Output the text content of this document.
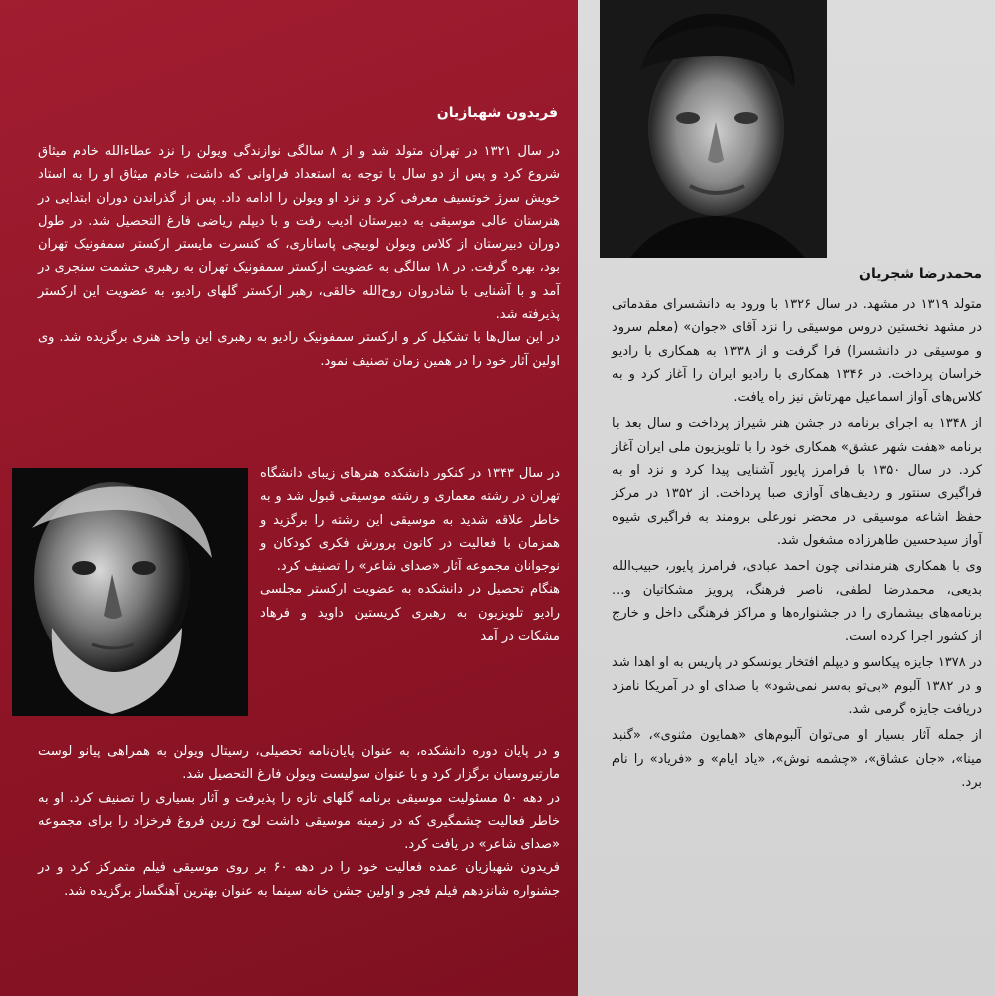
فریدون شهبازیان

در سال ۱۳۲۱ در تهران متولد شد و از ۸ سالگی نوازندگی ویولن را نزد عطاءالله خادم میثاق شروع کرد و پس از دو سال با توجه به استعداد فراوانی که داشت، خادم میثاق او را به استاد خویش سرژ خوتسیف معرفی کرد و نزد او ویولن را ادامه داد. پس از گذراندن دوران ابتدایی در هنرستان عالی موسیقی به دبیرستان ادیب رفت و با دیپلم ریاضی فارغ التحصیل شد. در طول دوران دبیرستان از کلاس ویولن لوبیچی پاساناری، که کنسرت مایستر ارکستر سمفونیک تهران بود، بهره گرفت. در ۱۸ سالگی به عضویت ارکستر سمفونیک تهران به رهبری حشمت سنجری در آمد و با آشنایی با شادروان روح‌الله خالقی، رهبر ارکستر گلهای رادیو، به عضویت این ارکستر پذیرفته شد.

در این سال‌ها با تشکیل کر و ارکستر سمفونیک رادیو به رهبری این واحد هنری برگزیده شد. وی اولین آثار خود را در همین زمان تصنیف نمود.

در سال ۱۳۴۳ در کنکور دانشکده هنرهای زیبای دانشگاه تهران در رشته معماری و رشته موسیقی قبول شد و به خاطر علاقه شدید به موسیقی این رشته را برگزید و همزمان با فعالیت در کانون پرورش فکری کودکان و نوجوانان مجموعه آثار «صدای شاعر» را تصنیف کرد.

هنگام تحصیل در دانشکده به عضویت ارکستر مجلسی رادیو تلویزیون به رهبری کریستین داوید و فرهاد مشکات در آمد

و در پایان دوره دانشکده، به عنوان پایان‌نامه تحصیلی، رسیتال ویولن به همراهی پیانو لوست مارتیروسیان برگزار کرد و با عنوان سولیست ویولن فارغ التحصیل شد.

در دهه ۵۰ مسئولیت موسیقی برنامه گلهای تازه را پذیرفت و آثار بسیاری را تصنیف کرد. او به خاطر فعالیت چشمگیری که در زمینه موسیقی داشت لوح زرین فروغ فرخزاد را برای مجموعه «صدای شاعر» در یافت کرد.

فریدون شهبازیان عمده فعالیت خود را در دهه ۶۰ بر روی موسیقی فیلم متمرکز کرد و در جشنواره شانزدهم فیلم فجر و اولین جشن خانه سینما به عنوان بهترین آهنگساز برگزیده شد.

محمدرضا شجریان

متولد ۱۳۱۹ در مشهد. در سال ۱۳۲۶ با ورود به دانشسرای مقدماتی در مشهد نخستین دروس موسیقی را نزد آقای «جوان» (معلم سرود و موسیقی در دانشسرا) فرا گرفت و از ۱۳۳۸ به همکاری با رادیو خراسان پرداخت. در ۱۳۴۶ همکاری با رادیو ایران را آغاز کرد و به کلاس‌های آواز اسماعیل مهرتاش نیز راه یافت.

از ۱۳۴۸ به اجرای برنامه در جشن هنر شیراز پرداخت و سال بعد با برنامه «هفت شهر عشق» همکاری خود را با تلویزیون ملی ایران آغاز کرد. در سال ۱۳۵۰ با فرامرز پایور آشنایی پیدا کرد و نزد او به فراگیری سنتور و ردیف‌های آوازی صبا پرداخت. از ۱۳۵۲ در مرکز حفظ اشاعه موسیقی در محضر نورعلی برومند به فراگیری شیوه آواز سیدحسین طاهرزاده مشغول شد.

وی با همکاری هنرمندانی چون احمد عبادی، فرامرز پایور، حبیب‌الله بدیعی، محمدرضا لطفی، ناصر فرهنگ، پرویز مشکاتیان و... برنامه‌های بیشماری را در جشنواره‌ها و مراکز فرهنگی داخل و خارج از کشور اجرا کرده است.

در ۱۳۷۸ جایزه پیکاسو و دیپلم افتخار یونسکو در پاریس به او اهدا شد و در ۱۳۸۲ آلبوم «بی‌تو به‌سر نمی‌شود» با صدای او در آمریکا نامزد دریافت جایزه گرمی شد.

از جمله آثار بسیار او می‌توان آلبوم‌های «همایون مثنوی»، «گنبد مینا»، «جان عشاق»، «چشمه نوش»، «یاد ایام» و «فریاد» را نام برد.
